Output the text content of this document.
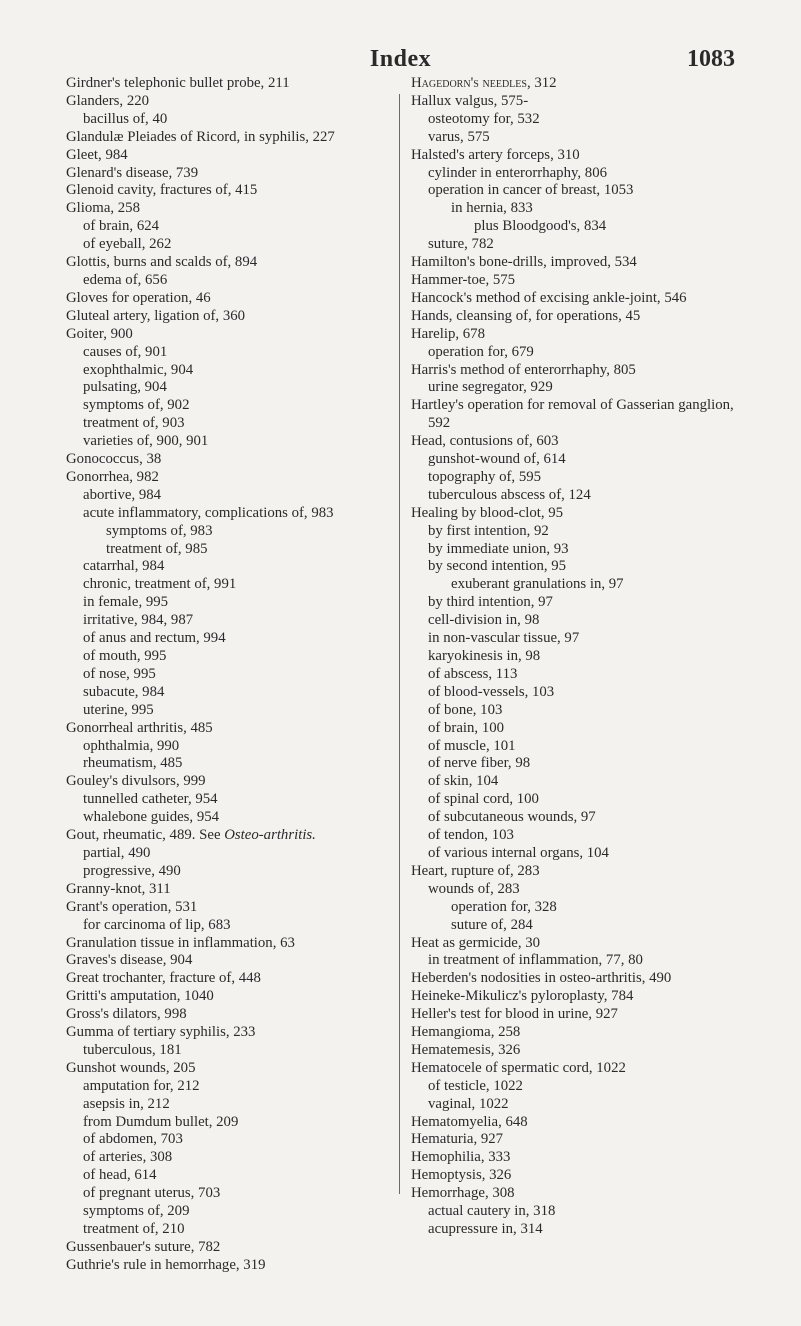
Index	1083
Girdner's telephonic bullet probe, 211
Glanders, 220
bacillus of, 40
Glandulæ Pleiades of Ricord, in syphilis, 227
Gleet, 984
Glenard's disease, 739
Glenoid cavity, fractures of, 415
Glioma, 258
of brain, 624
of eyeball, 262
Glottis, burns and scalds of, 894
edema of, 656
Gloves for operation, 46
Gluteal artery, ligation of, 360
Goiter, 900
causes of, 901
exophthalmic, 904
pulsating, 904
symptoms of, 902
treatment of, 903
varieties of, 900, 901
Gonococcus, 38
Gonorrhea, 982
abortive, 984
acute inflammatory, complications of, 983
symptoms of, 983
treatment of, 985
catarrhal, 984
chronic, treatment of, 991
in female, 995
irritative, 984, 987
of anus and rectum, 994
of mouth, 995
of nose, 995
subacute, 984
uterine, 995
Gonorrheal arthritis, 485
ophthalmia, 990
rheumatism, 485
Gouley's divulsors, 999
tunnelled catheter, 954
whalebone guides, 954
Gout, rheumatic, 489. See Osteo-arthritis.
partial, 490
progressive, 490
Granny-knot, 311
Grant's operation, 531
for carcinoma of lip, 683
Granulation tissue in inflammation, 63
Graves's disease, 904
Great trochanter, fracture of, 448
Gritti's amputation, 1040
Gross's dilators, 998
Gumma of tertiary syphilis, 233
tuberculous, 181
Gunshot wounds, 205
amputation for, 212
asepsis in, 212
from Dumdum bullet, 209
of abdomen, 703
of arteries, 308
of head, 614
of pregnant uterus, 703
symptoms of, 209
treatment of, 210
Gussenbauer's suture, 782
Guthrie's rule in hemorrhage, 319
Hagedorn's needles, 312
Hallux valgus, 575-
osteotomy for, 532
varus, 575
Halsted's artery forceps, 310
cylinder in enterorrhaphy, 806
operation in cancer of breast, 1053
in hernia, 833
plus Bloodgood's, 834
suture, 782
Hamilton's bone-drills, improved, 534
Hammer-toe, 575
Hancock's method of excising ankle-joint, 546
Hands, cleansing of, for operations, 45
Harelip, 678
operation for, 679
Harris's method of enterorrhaphy, 805
urine segregator, 929
Hartley's operation for removal of Gasserian ganglion, 592
Head, contusions of, 603
gunshot-wound of, 614
topography of, 595
tuberculous abscess of, 124
Healing by blood-clot, 95
by first intention, 92
by immediate union, 93
by second intention, 95
exuberant granulations in, 97
by third intention, 97
cell-division in, 98
in non-vascular tissue, 97
karyokinesis in, 98
of abscess, 113
of blood-vessels, 103
of bone, 103
of brain, 100
of muscle, 101
of nerve fiber, 98
of skin, 104
of spinal cord, 100
of subcutaneous wounds, 97
of tendon, 103
of various internal organs, 104
Heart, rupture of, 283
wounds of, 283
operation for, 328
suture of, 284
Heat as germicide, 30
in treatment of inflammation, 77, 80
Heberden's nodosities in osteo-arthritis, 490
Heineke-Mikulicz's pyloroplasty, 784
Heller's test for blood in urine, 927
Hemangioma, 258
Hematemesis, 326
Hematocele of spermatic cord, 1022
of testicle, 1022
vaginal, 1022
Hematomyelia, 648
Hematuria, 927
Hemophilia, 333
Hemoptysis, 326
Hemorrhage, 308
actual cautery in, 318
acupressure in, 314
